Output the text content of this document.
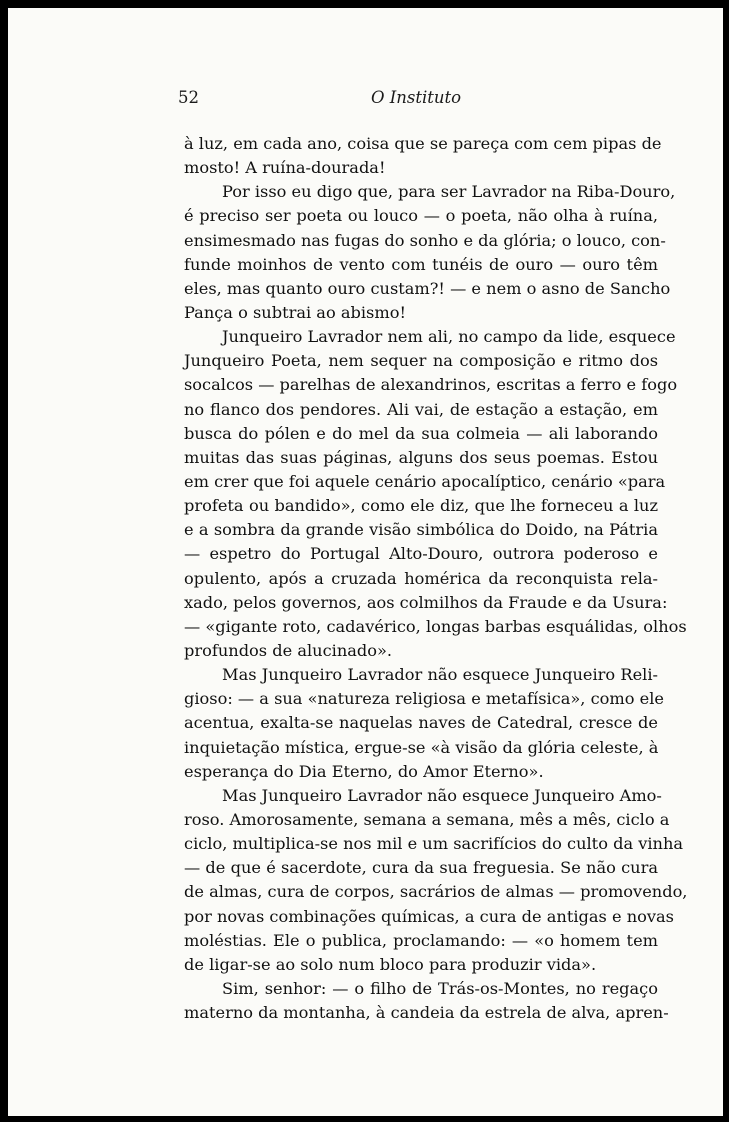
52	O Instituto
à luz, em cada ano, coisa que se pareça com cem pipas de
mosto! A ruína-dourada!
Por isso eu digo que, para ser Lavrador na Riba-Douro,
é preciso ser poeta ou louco — o poeta, não olha à ruína,
ensimesmado nas fugas do sonho e da glória; o louco, con-
funde moinhos de vento com tunéis de ouro — ouro têm
eles, mas quanto ouro custam?! — e nem o asno de Sancho
Pança o subtrai ao abismo!
Junqueiro Lavrador nem ali, no campo da lide, esquece
Junqueiro Poeta, nem sequer na composição e ritmo dos
socalcos — parelhas de alexandrinos, escritas a ferro e fogo
no flanco dos pendores. Ali vai, de estação a estação, em
busca do pólen e do mel da sua colmeia — ali laborando
muitas das suas páginas, alguns dos seus poemas. Estou
em crer que foi aquele cenário apocalíptico, cenário «para
profeta ou bandido», como ele diz, que lhe forneceu a luz
e a sombra da grande visão simbólica do Doido, na Pátria
— espetro do Portugal Alto-Douro, outrora poderoso e
opulento, após a cruzada homérica da reconquista rela-
xado, pelos governos, aos colmilhos da Fraude e da Usura:
— «gigante roto, cadavérico, longas barbas esquálidas, olhos
profundos de alucinado».
Mas Junqueiro Lavrador não esquece Junqueiro Reli-
gioso: — a sua «natureza religiosa e metafísica», como ele
acentua, exalta-se naquelas naves de Catedral, cresce de
inquietação mística, ergue-se «à visão da glória celeste, à
esperança do Dia Eterno, do Amor Eterno».
Mas Junqueiro Lavrador não esquece Junqueiro Amo-
roso. Amorosamente, semana a semana, mês a mês, ciclo a
ciclo, multiplica-se nos mil e um sacrifícios do culto da vinha
— de que é sacerdote, cura da sua freguesia. Se não cura
de almas, cura de corpos, sacrários de almas — promovendo,
por novas combinações químicas, a cura de antigas e novas
moléstias. Ele o publica, proclamando: — «o homem tem
de ligar-se ao solo num bloco para produzir vida».
Sim, senhor: — o filho de Trás-os-Montes, no regaço
materno da montanha, à candeia da estrela de alva, apren-
